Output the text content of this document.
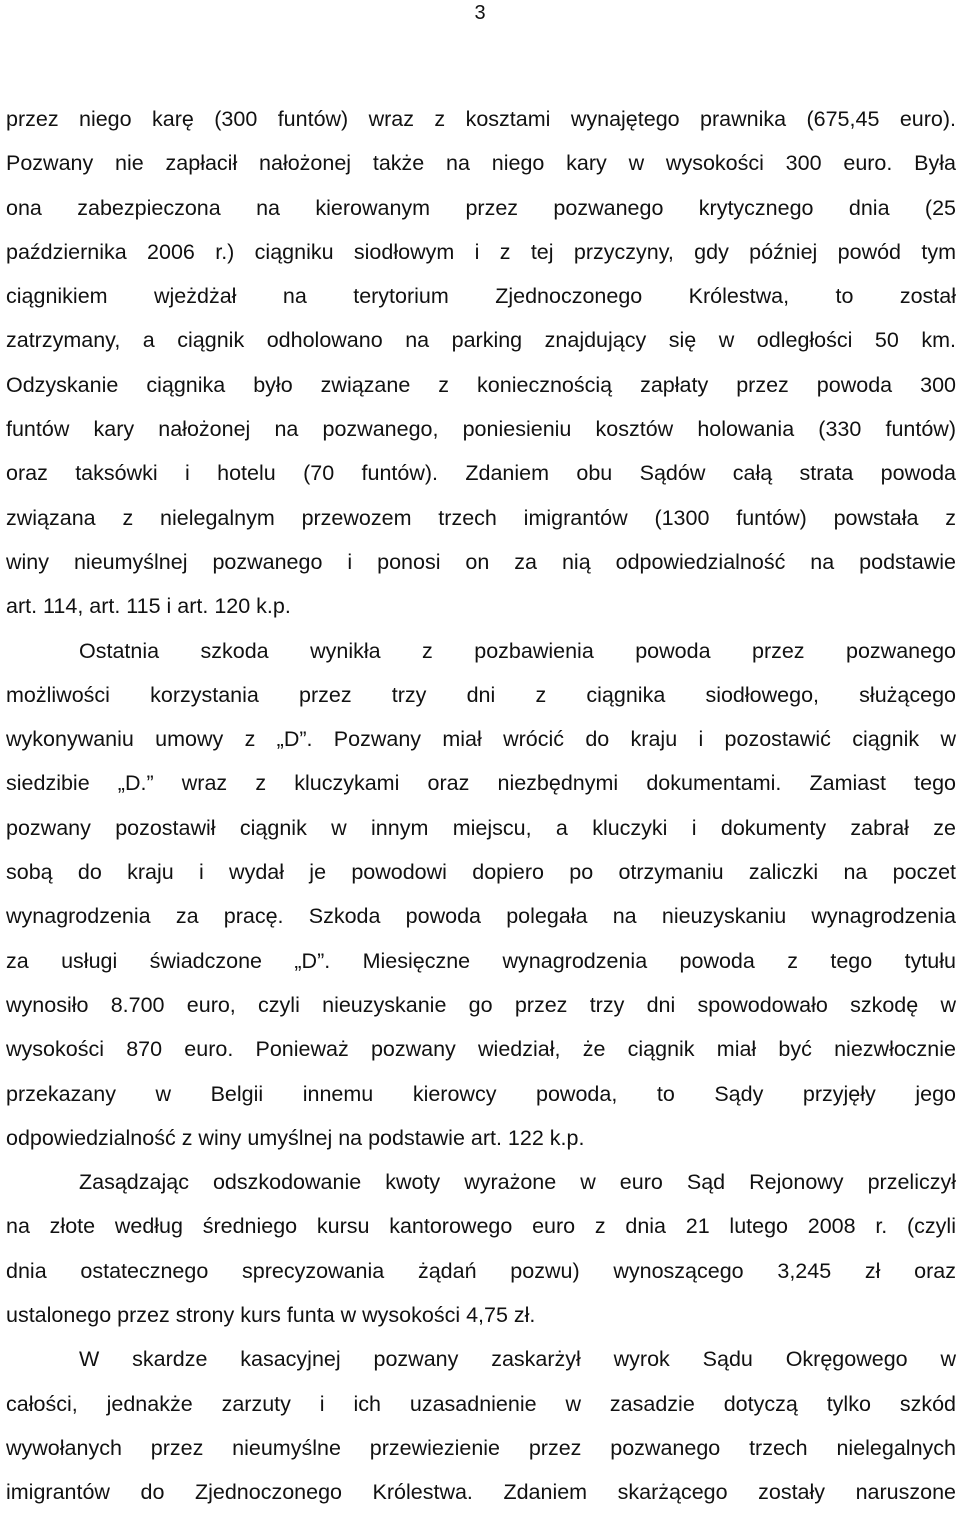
3
przez niego karę (300 funtów) wraz z kosztami wynajętego prawnika (675,45 euro).
Pozwany nie zapłacił nałożonej także na niego kary w wysokości 300 euro. Była
ona zabezpieczona na kierowanym przez pozwanego krytycznego dnia (25
października 2006 r.) ciągniku siodłowym i z tej przyczyny, gdy później powód tym
ciągnikiem wjeżdżał na terytorium Zjednoczonego Królestwa, to został
zatrzymany, a ciągnik odholowano na parking znajdujący się w odległości 50 km.
Odzyskanie ciągnika było związane z koniecznością zapłaty przez powoda 300
funtów kary nałożonej na pozwanego, poniesieniu kosztów holowania (330 funtów)
oraz taksówki i hotelu (70 funtów). Zdaniem obu Sądów całą strata powoda
związana z nielegalnym przewozem trzech imigrantów (1300 funtów) powstała z
winy nieumyślnej pozwanego i ponosi on za nią odpowiedzialność na podstawie
art. 114, art. 115 i art. 120 k.p.
Ostatnia szkoda wynikła z pozbawienia powoda przez pozwanego
możliwości korzystania przez trzy dni z ciągnika siodłowego, służącego
wykonywaniu umowy z „D”. Pozwany miał wrócić do kraju i pozostawić ciągnik w
siedzibie „D.” wraz z kluczykami oraz niezbędnymi dokumentami. Zamiast tego
pozwany pozostawił ciągnik w innym miejscu, a kluczyki i dokumenty zabrał ze
sobą do kraju i wydał je powodowi dopiero po otrzymaniu zaliczki na poczet
wynagrodzenia za pracę. Szkoda powoda polegała na nieuzyskaniu wynagrodzenia
za usługi świadczone „D”. Miesięczne wynagrodzenia powoda z tego tytułu
wynosiło 8.700 euro, czyli nieuzyskanie go przez trzy dni spowodowało szkodę w
wysokości 870 euro. Ponieważ pozwany wiedział, że ciągnik miał być niezwłocznie
przekazany w Belgii innemu kierowcy powoda, to Sądy przyjęły jego
odpowiedzialność z winy umyślnej na podstawie art. 122 k.p.
Zasądzając odszkodowanie kwoty wyrażone w euro Sąd Rejonowy przeliczył
na złote według średniego kursu kantorowego euro z dnia 21 lutego 2008 r. (czyli
dnia ostatecznego sprecyzowania żądań pozwu) wynoszącego 3,245 zł oraz
ustalonego przez strony kurs funta w wysokości 4,75 zł.
W skardze kasacyjnej pozwany zaskarżył wyrok Sądu Okręgowego w
całości, jednakże zarzuty i ich uzasadnienie w zasadzie dotyczą tylko szkód
wywołanych przez nieumyślne przewiezienie przez pozwanego trzech nielegalnych
imigrantów do Zjednoczonego Królestwa. Zdaniem skarżącego zostały naruszone
